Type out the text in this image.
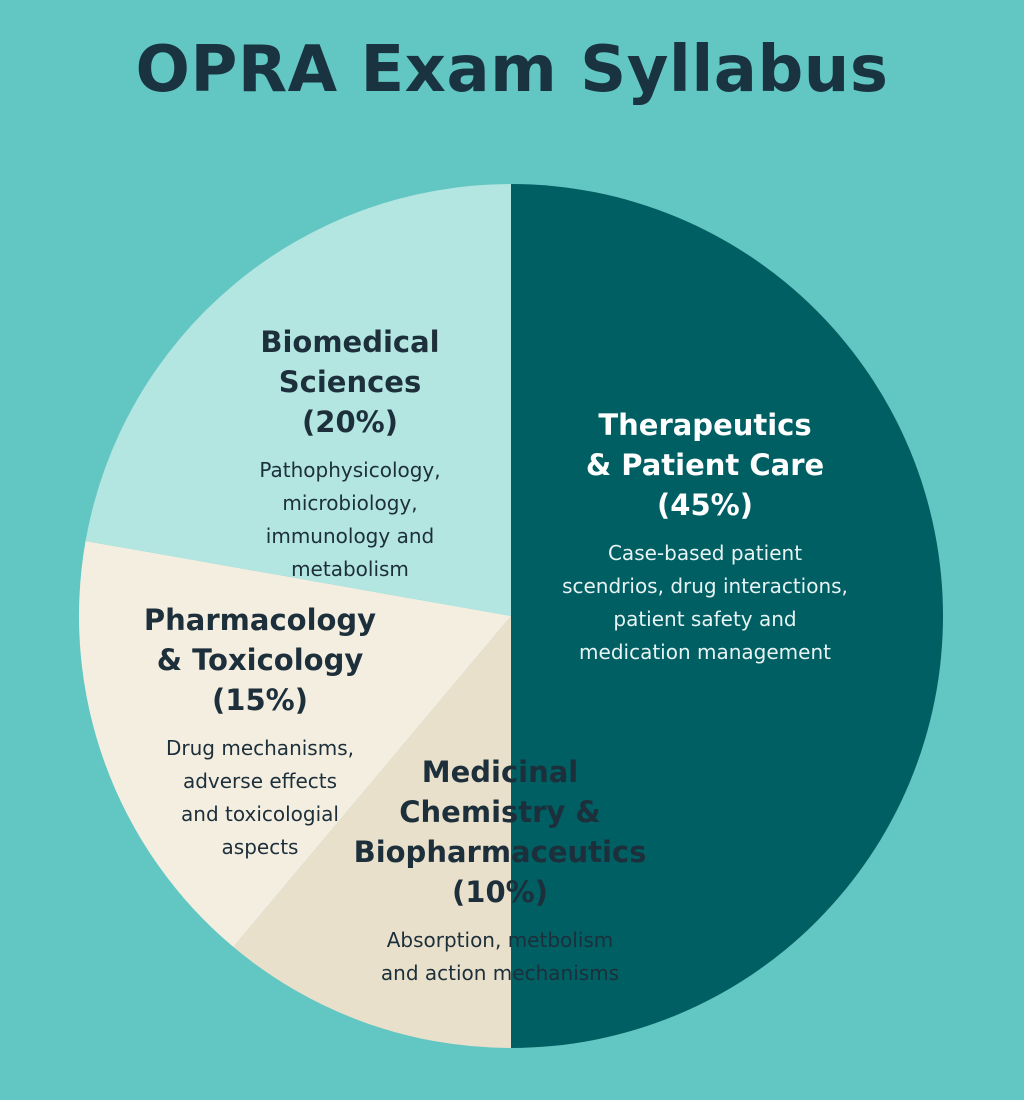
OPRA Exam Syllabus
Therapeutics
& Patient Care
(45%)
Case-based patient
scendrios, drug interactions,
patient safety and
medication management
Medicinal
Chemistry &
Biopharmaceutics
(10%)
Absorption, metbolism
and action mechanisms
Pharmacology
& Toxicology
(15%)
Drug mechanisms,
adverse effects
and toxicologial
aspects
Biomedical
Sciences
(20%)
Pathophysicology,
microbiology,
immunology and
metabolism
